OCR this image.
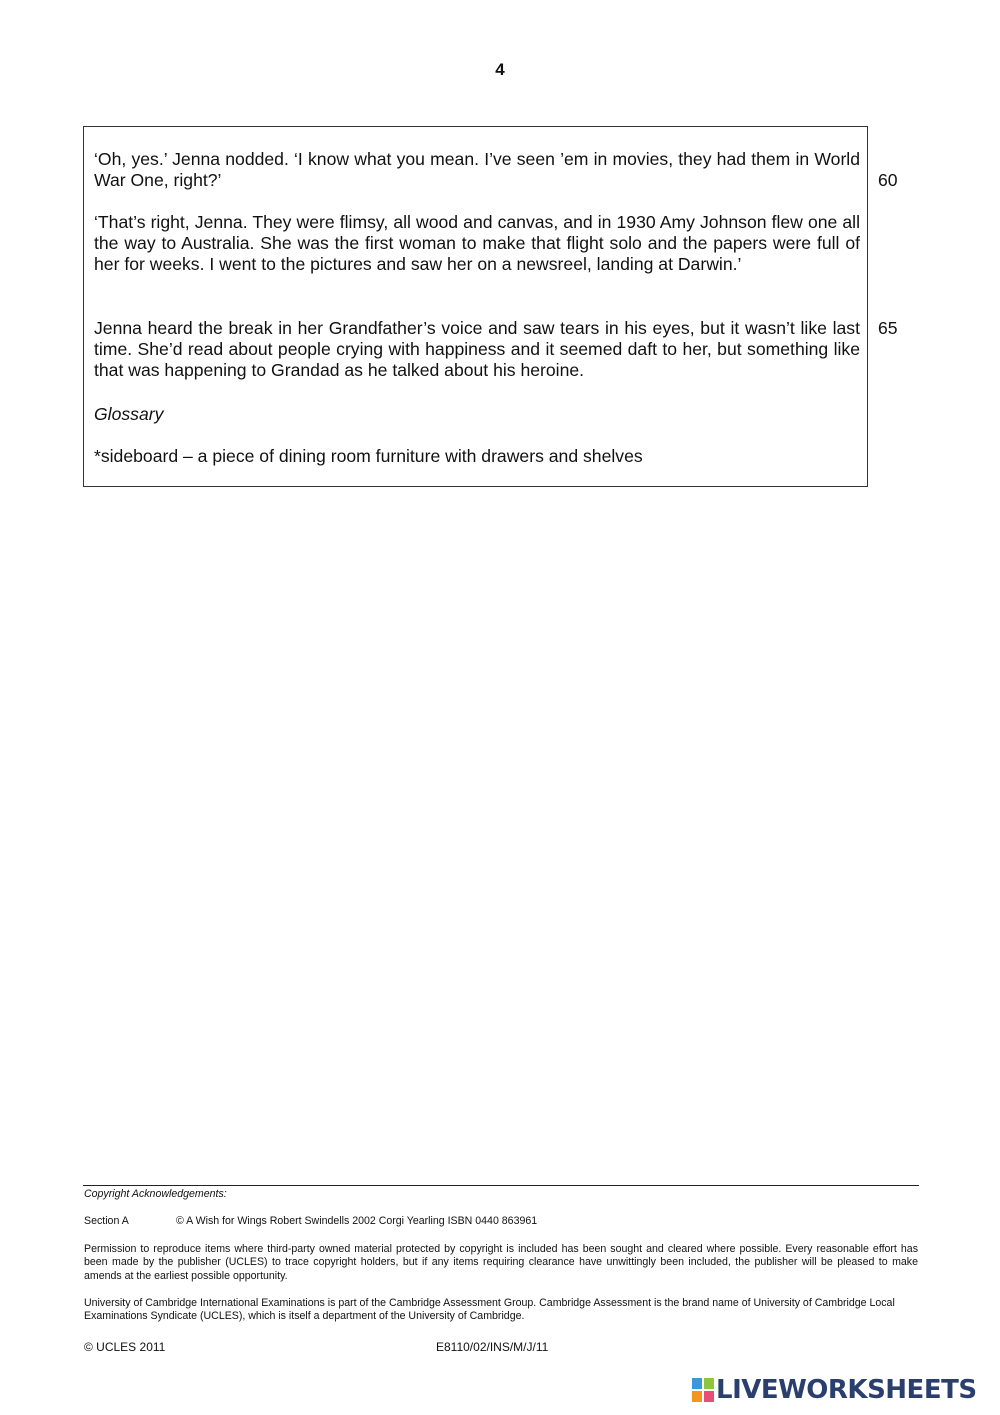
4

‘Oh, yes.’ Jenna nodded. ‘I know what you mean. I’ve seen ’em in movies, they had them in World War One, right?’

‘That’s right, Jenna. They were flimsy, all wood and canvas, and in 1930 Amy Johnson flew one all the way to Australia. She was the first woman to make that flight solo and the papers were full of her for weeks. I went to the pictures and saw her on a newsreel, landing at Darwin.’

Jenna heard the break in her Grandfather’s voice and saw tears in his eyes, but it wasn’t like last time. She’d read about people crying with happiness and it seemed daft to her, but something like that was happening to Grandad as he talked about his heroine.

Glossary
*sideboard – a piece of dining room furniture with drawers and shelves
60
65

Copyright Acknowledgements:

Section A	© A Wish for Wings Robert Swindells 2002 Corgi Yearling ISBN 0440 863961

Permission to reproduce items where third-party owned material protected by copyright is included has been sought and cleared where possible. Every reasonable effort has been made by the publisher (UCLES) to trace copyright holders, but if any items requiring clearance have unwittingly been included, the publisher will be pleased to make amends at the earliest possible opportunity.

University of Cambridge International Examinations is part of the Cambridge Assessment Group. Cambridge Assessment is the brand name of University of Cambridge Local Examinations Syndicate (UCLES), which is itself a department of the University of Cambridge.

© UCLES 2011	E8110/02/INS/M/J/11
LIVEWORKSHEETS
